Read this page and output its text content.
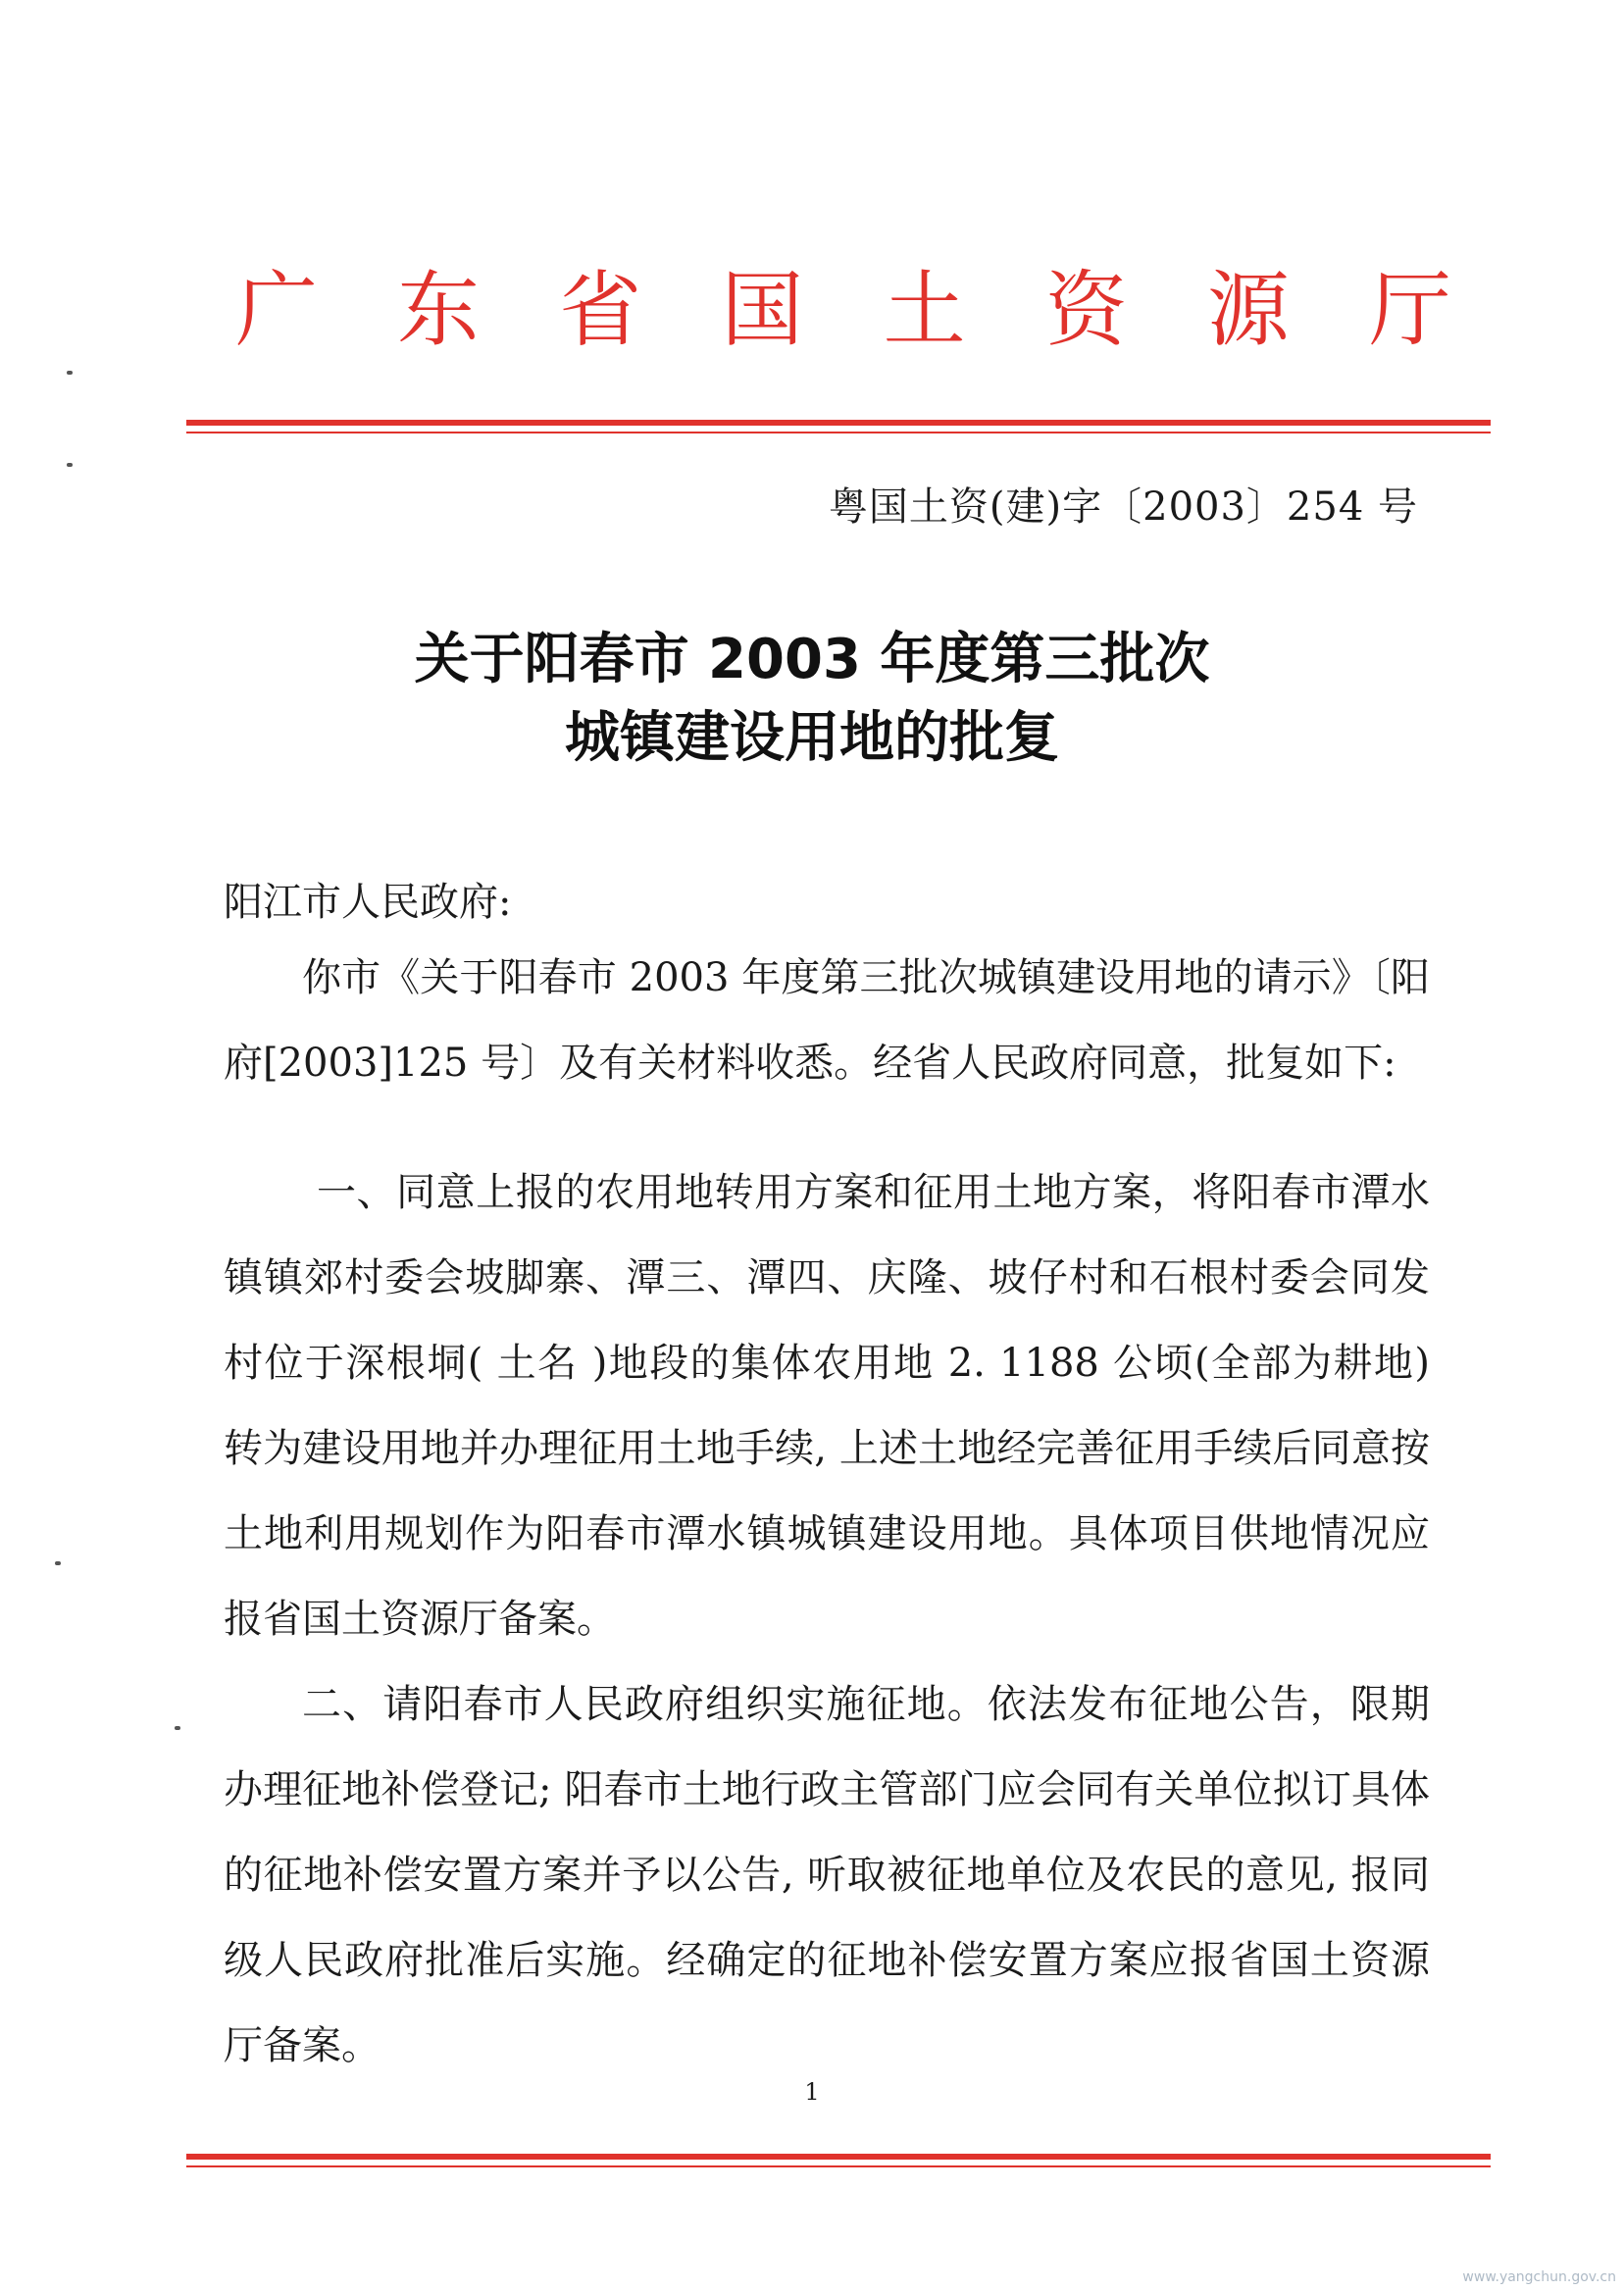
广 东 省 国 土 资 源 厅
粤国土资(建)字〔2003〕254 号
关于阳春市 2003 年度第三批次
城镇建设用地的批复
阳江市人民政府:
你市《关于阳春市 2003 年度第三批次城镇建设用地的请示》〔阳府[2003]125 号〕及有关材料收悉。经省人民政府同意，批复如下:
一、同意上报的农用地转用方案和征用土地方案，将阳春市潭水镇镇郊村委会坡脚寨、潭三、潭四、庆隆、坡仔村和石根村委会同发村位于深根垌( 土名 )地段的集体农用地 2. 1188 公顷(全部为耕地) 转为建设用地并办理征用土地手续, 上述土地经完善征用手续后同意按土地利用规划作为阳春市潭水镇城镇建设用地。具体项目供地情况应报省国土资源厅备案。
二、请阳春市人民政府组织实施征地。依法发布征地公告，限期办理征地补偿登记; 阳春市土地行政主管部门应会同有关单位拟订具体的征地补偿安置方案并予以公告, 听取被征地单位及农民的意见, 报同级人民政府批准后实施。经确定的征地补偿安置方案应报省国土资源厅备案。
1
www.yangchun.gov.cn
